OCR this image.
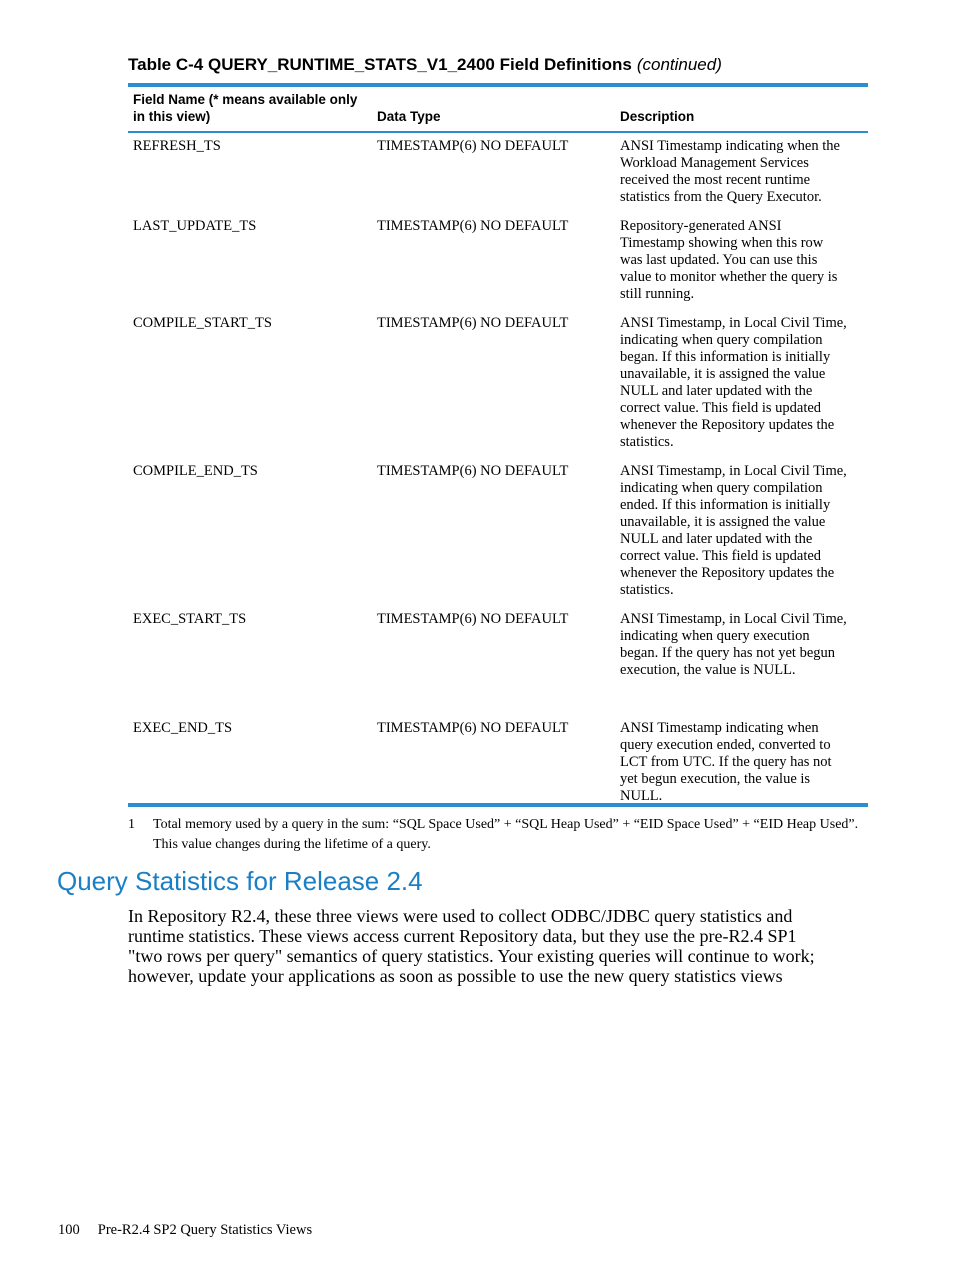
Table C-4 QUERY_RUNTIME_STATS_V1_2400 Field Definitions (continued)
Field Name (* means available only in this view)	Data Type	Description
REFRESH_TS	TIMESTAMP(6) NO DEFAULT	ANSI Timestamp indicating when the
Workload Management Services
received the most recent runtime
statistics from the Query Executor.
LAST_UPDATE_TS	TIMESTAMP(6) NO DEFAULT	Repository-generated ANSI
Timestamp showing when this row
was last updated. You can use this
value to monitor whether the query is
still running.
COMPILE_START_TS	TIMESTAMP(6) NO DEFAULT	ANSI Timestamp, in Local Civil Time,
indicating when query compilation
began. If this information is initially
unavailable, it is assigned the value
NULL and later updated with the
correct value. This field is updated
whenever the Repository updates the
statistics.
COMPILE_END_TS	TIMESTAMP(6) NO DEFAULT	ANSI Timestamp, in Local Civil Time,
indicating when query compilation
ended. If this information is initially
unavailable, it is assigned the value
NULL and later updated with the
correct value. This field is updated
whenever the Repository updates the
statistics.
EXEC_START_TS	TIMESTAMP(6) NO DEFAULT	ANSI Timestamp, in Local Civil Time,
indicating when query execution
began. If the query has not yet begun
execution, the value is NULL.
EXEC_END_TS	TIMESTAMP(6) NO DEFAULT	ANSI Timestamp indicating when
query execution ended, converted to
LCT from UTC. If the query has not
yet begun execution, the value is
NULL.
1	Total memory used by a query in the sum: “SQL Space Used” + “SQL Heap Used” + “EID Space Used” + “EID Heap Used”. This value changes during the lifetime of a query.
Query Statistics for Release 2.4
In Repository R2.4, these three views were used to collect ODBC/JDBC query statistics and
runtime statistics. These views access current Repository data, but they use the pre-R2.4 SP1
"two rows per query" semantics of query statistics. Your existing queries will continue to work;
however, update your applications as soon as possible to use the new query statistics views
100 Pre-R2.4 SP2 Query Statistics Views
